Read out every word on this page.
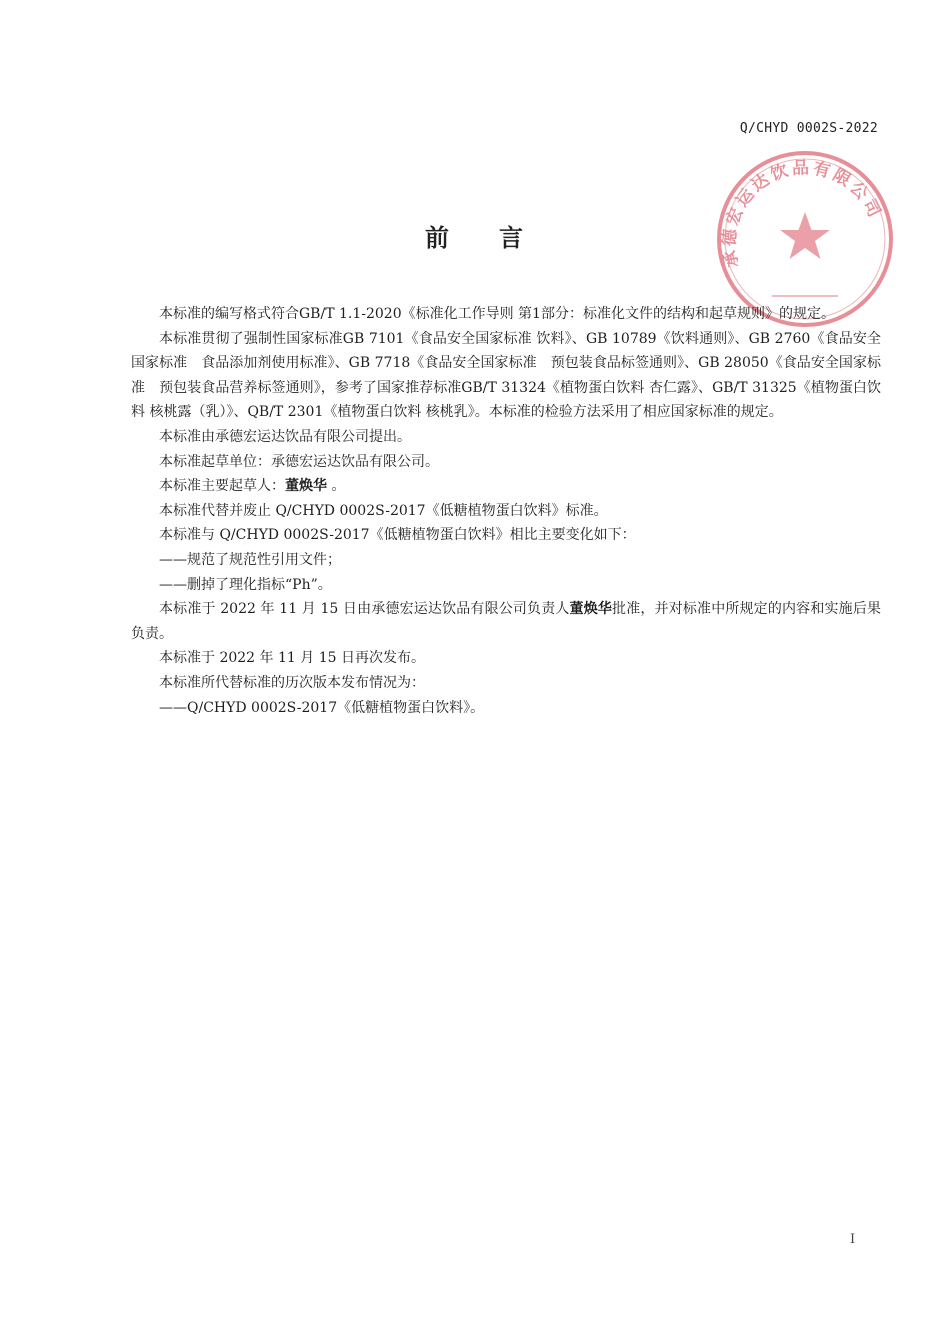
Q/CHYD 0002S-2022
承德宏运达饮品有限公司
前 言

本标准的编写格式符合GB/T 1.1-2020《标准化工作导则 第1部分：标准化文件的结构和起草规则》的规定。

本标准贯彻了强制性国家标准GB 7101《食品安全国家标准 饮料》、GB 10789《饮料通则》、GB 2760《食品安全国家标准　食品添加剂使用标准》、GB 7718《食品安全国家标准　预包装食品标签通则》、GB 28050《食品安全国家标准　预包装食品营养标签通则》，参考了国家推荐标准GB/T 31324《植物蛋白饮料 杏仁露》、GB/T 31325《植物蛋白饮料 核桃露（乳）》、QB/T 2301《植物蛋白饮料 核桃乳》。本标准的检验方法采用了相应国家标准的规定。

本标准由承德宏运达饮品有限公司提出。

本标准起草单位：承德宏运达饮品有限公司。

本标准主要起草人：董焕华 。

本标准代替并废止 Q/CHYD 0002S-2017《低糖植物蛋白饮料》标准。

本标准与 Q/CHYD 0002S-2017《低糖植物蛋白饮料》相比主要变化如下：

——规范了规范性引用文件；

——删掉了理化指标“Ph”。

本标准于 2022 年 11 月 15 日由承德宏运达饮品有限公司负责人董焕华批准，并对标准中所规定的内容和实施后果负责。

本标准于 2022 年 11 月 15 日再次发布。

本标准所代替标准的历次版本发布情况为：

——Q/CHYD 0002S-2017《低糖植物蛋白饮料》。

I
